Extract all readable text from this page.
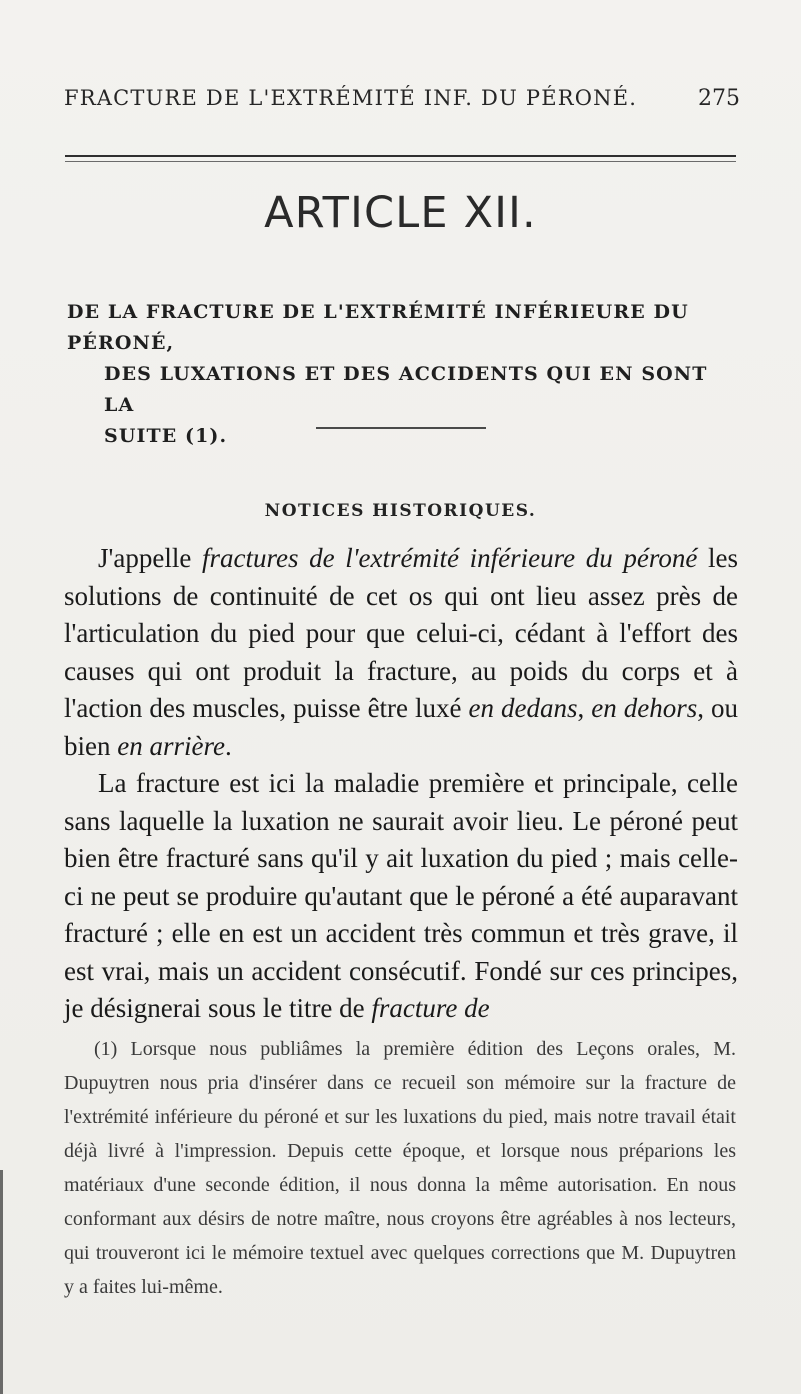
FRACTURE DE L'EXTRÉMITÉ INF. DU PÉRONÉ.	275
ARTICLE XII.
DE LA FRACTURE DE L'EXTRÉMITÉ INFÉRIEURE DU PÉRONÉ,
DES LUXATIONS ET DES ACCIDENTS QUI EN SONT LA
SUITE (1).
NOTICES HISTORIQUES.

J'appelle fractures de l'extrémité inférieure du péroné les solutions de continuité de cet os qui ont lieu assez près de l'articulation du pied pour que celui-ci, cédant à l'effort des causes qui ont produit la fracture, au poids du corps et à l'action des muscles, puisse être luxé en dedans, en dehors, ou bien en arrière.

La fracture est ici la maladie première et principale, celle sans laquelle la luxation ne saurait avoir lieu. Le péroné peut bien être fracturé sans qu'il y ait luxation du pied ; mais celle-ci ne peut se produire qu'autant que le péroné a été auparavant fracturé ; elle en est un accident très commun et très grave, il est vrai, mais un accident consécutif. Fondé sur ces principes, je désignerai sous le titre de fracture de

(1) Lorsque nous publiâmes la première édition des Leçons orales, M. Dupuytren nous pria d'insérer dans ce recueil son mémoire sur la fracture de l'extrémité inférieure du péroné et sur les luxations du pied, mais notre travail était déjà livré à l'impression. Depuis cette époque, et lorsque nous préparions les matériaux d'une seconde édition, il nous donna la même autorisation. En nous conformant aux désirs de notre maître, nous croyons être agréables à nos lecteurs, qui trouveront ici le mémoire textuel avec quelques corrections que M. Dupuytren y a faites lui-même.
